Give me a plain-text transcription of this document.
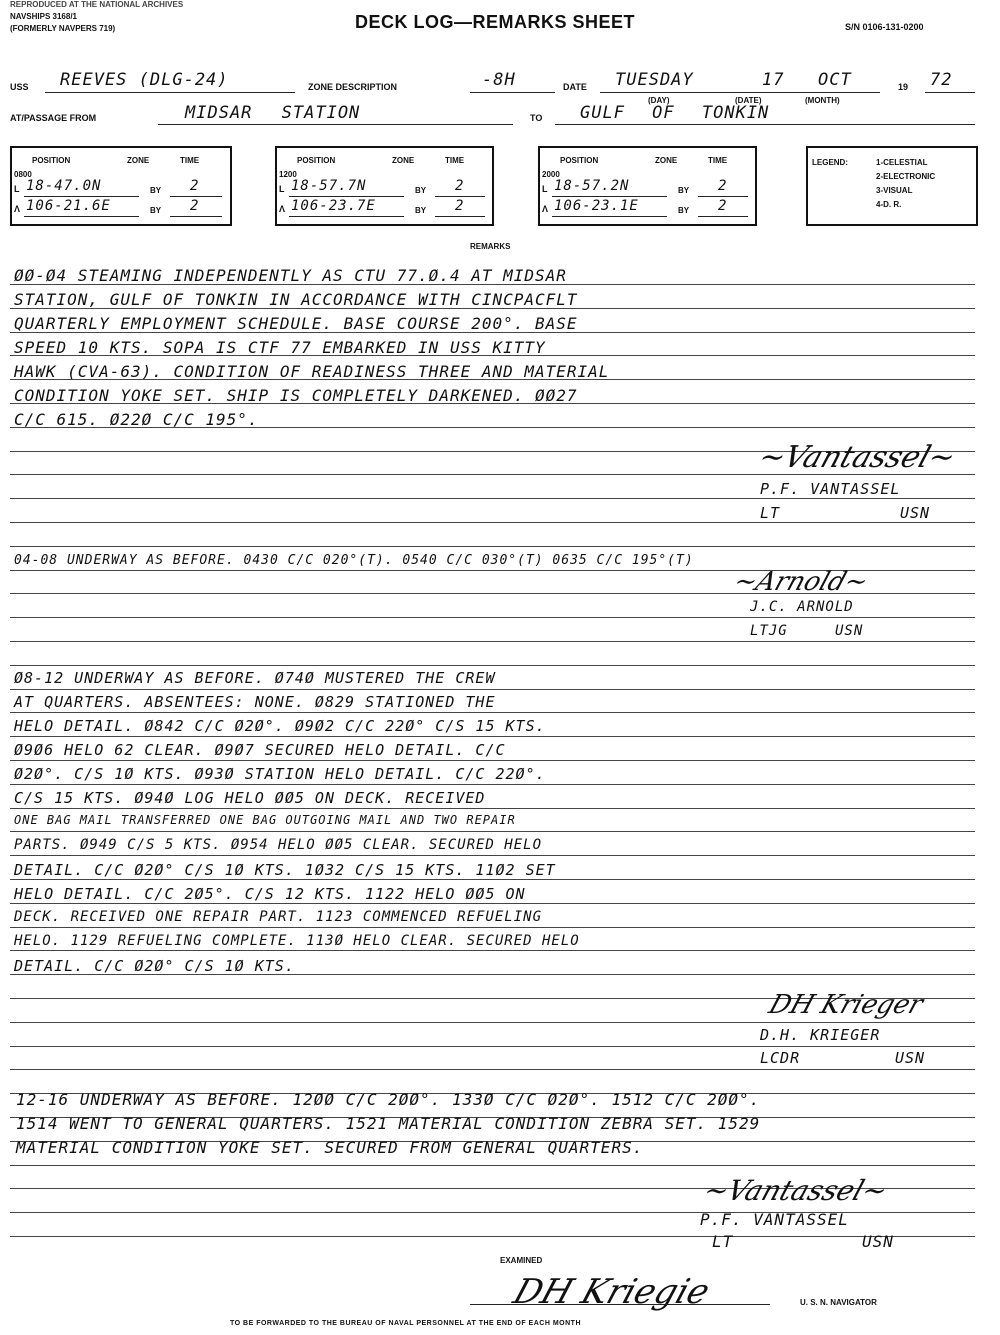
REPRODUCED AT THE NATIONAL ARCHIVES
NAVSHIPS 3168/1
(FORMERLY NAVPERS 719)	DECK LOG—REMARKS SHEET	S/N 0106-131-0200
USS REEVES (DLG-24)	ZONE DESCRIPTION	-8H	DATE TUESDAY	17 OCT	19 72
(DAY)	(DATE)	(MONTH)
AT/PASSAGE FROM	MIDSAR STATION	TO GULF OF TONKIN
POSITION	ZONE	TIME
0800
L 18-47.0N	BY 2
Λ 106-21.6E	BY 2
POSITION	ZONE	TIME
1200
L 18-57.7N	BY 2
Λ 106-23.7E	BY 2
POSITION	ZONE	TIME
2000
L 18-57.2N	BY 2
Λ 106-23.1E	BY 2
LEGEND:	1-CELESTIAL
2-ELECTRONIC
3-VISUAL
4-D. R.
REMARKS
ØØ-Ø4 STEAMING INDEPENDENTLY AS CTU 77.Ø.4 AT MIDSAR
STATION, GULF OF TONKIN IN ACCORDANCE WITH CINCPACFLT
QUARTERLY EMPLOYMENT SCHEDULE. BASE COURSE 200°. BASE
SPEED 10 KTS. SOPA IS CTF 77 EMBARKED IN USS KITTY
HAWK (CVA-63). CONDITION OF READINESS THREE AND MATERIAL
CONDITION YOKE SET. SHIP IS COMPLETELY DARKENED. ØØ27
C/C 615. Ø22Ø C/C 195°.
~Vantassel~
P.F. VANTASSEL
LT	USN
04-08 UNDERWAY AS BEFORE. 0430 C/C 020°(T). 0540 C/C 030°(T) 0635 C/C 195°(T)
~Arnold~
J.C. ARNOLD
LTJG	USN
Ø8-12 UNDERWAY AS BEFORE. Ø74Ø MUSTERED THE CREW
AT QUARTERS. ABSENTEES: NONE. Ø829 STATIONED THE
HELO DETAIL. Ø842 C/C Ø2Ø°. Ø9Ø2 C/C 22Ø° C/S 15 KTS.
Ø9Ø6 HELO 62 CLEAR. Ø9Ø7 SECURED HELO DETAIL. C/C
Ø2Ø°. C/S 1Ø KTS. Ø93Ø STATION HELO DETAIL. C/C 22Ø°.
C/S 15 KTS. Ø94Ø LOG HELO ØØ5 ON DECK. RECEIVED
ONE BAG MAIL TRANSFERRED ONE BAG OUTGOING MAIL AND TWO REPAIR
PARTS. Ø949 C/S 5 KTS. Ø954 HELO ØØ5 CLEAR. SECURED HELO
DETAIL. C/C Ø2Ø° C/S 1Ø KTS. 1Ø32 C/S 15 KTS. 11Ø2 SET
HELO DETAIL. C/C 2Ø5°. C/S 12 KTS. 1122 HELO ØØ5 ON
DECK. RECEIVED ONE REPAIR PART. 1123 COMMENCED REFUELING
HELO. 1129 REFUELING COMPLETE. 113Ø HELO CLEAR. SECURED HELO
DETAIL. C/C Ø2Ø° C/S 1Ø KTS.
DH Krieger
D.H. KRIEGER
LCDR	USN
12-16 UNDERWAY AS BEFORE. 12ØØ C/C 2ØØ°. 133Ø C/C Ø2Ø°. 1512 C/C 2ØØ°.
1514 WENT TO GENERAL QUARTERS. 1521 MATERIAL CONDITION ZEBRA SET. 1529
MATERIAL CONDITION YOKE SET. SECURED FROM GENERAL QUARTERS.
~Vantassel~
P.F. VANTASSEL
LT	USN
EXAMINED
DH Kriegie	U. S. N. NAVIGATOR
TO BE FORWARDED TO THE BUREAU OF NAVAL PERSONNEL AT THE END OF EACH MONTH
